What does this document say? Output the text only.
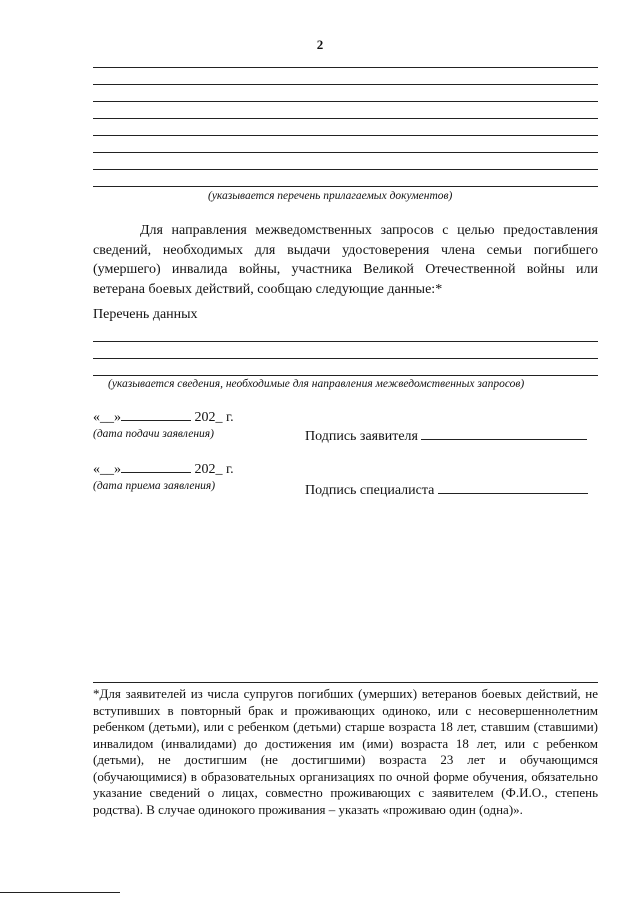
2
(указывается перечень прилагаемых документов)
Для направления межведомственных запросов с целью предоставления сведений, необходимых для выдачи удостоверения члена семьи погибшего (умершего) инвалида войны, участника Великой Отечественной войны или ветерана боевых действий, сообщаю следующие данные:*
Перечень данных
(указывается сведения, необходимые для направления межведомственных запросов)
«__»	202_ г.
(дата подачи заявления)	Подпись заявителя
«__»	202_ г.
(дата приема заявления)	Подпись специалиста
*Для заявителей из числа супругов погибших (умерших) ветеранов боевых действий, не вступивших в повторный брак и проживающих одиноко, или с несовершеннолетним ребенком (детьми), или с ребенком (детьми) старше возраста 18 лет, ставшим (ставшими) инвалидом (инвалидами) до достижения им (ими) возраста 18 лет, или с ребенком (детьми), не достигшим (не достигшими) возраста 23 лет и обучающимся (обучающимися) в образовательных организациях по очной форме обучения, обязательно указание сведений о лицах, совместно проживающих с заявителем (Ф.И.О., степень родства). В случае одинокого проживания – указать «проживаю один (одна)».
